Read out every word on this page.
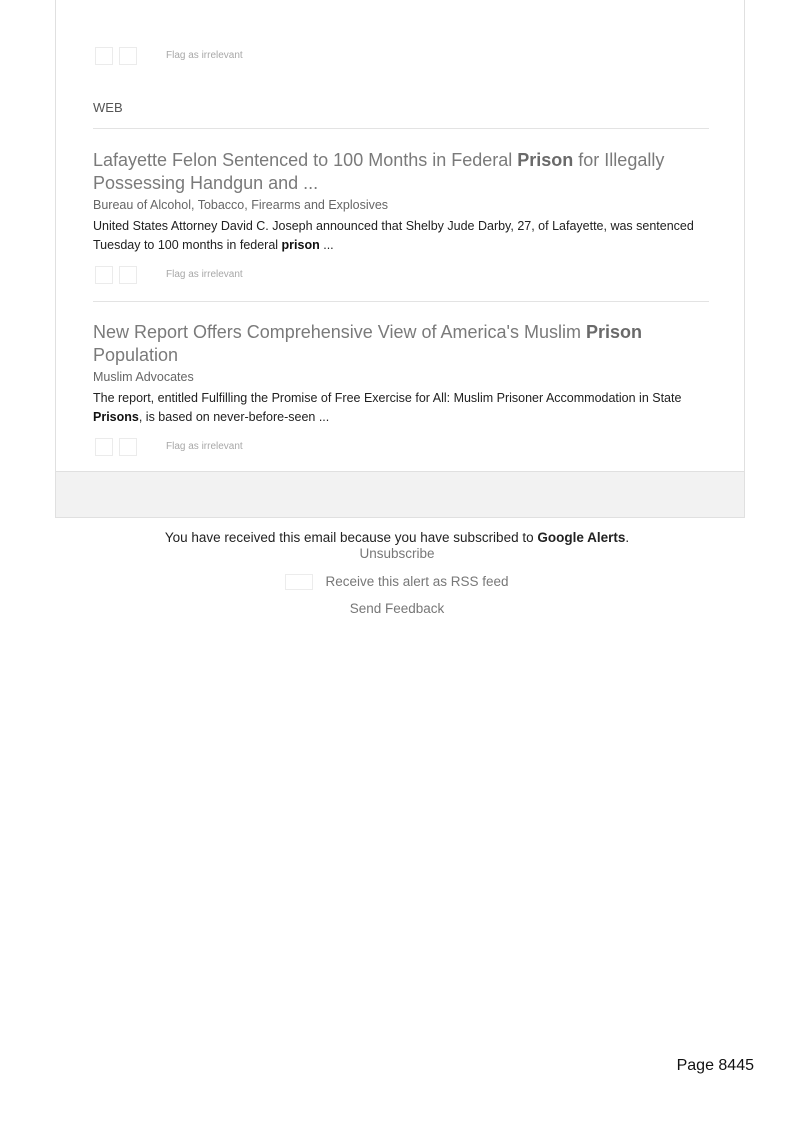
Flag as irrelevant
WEB

Lafayette Felon Sentenced to 100 Months in Federal Prison for Illegally Possessing Handgun and ...

Bureau of Alcohol, Tobacco, Firearms and Explosives
United States Attorney David C. Joseph announced that Shelby Jude Darby, 27, of Lafayette, was sentenced Tuesday to 100 months in federal prison ...
Flag as irrelevant

New Report Offers Comprehensive View of America's Muslim Prison Population

Muslim Advocates
The report, entitled Fulfilling the Promise of Free Exercise for All: Muslim Prisoner Accommodation in State Prisons, is based on never-before-seen ...
Flag as irrelevant
You have received this email because you have subscribed to Google Alerts.
Unsubscribe
Receive this alert as RSS feed
Send Feedback
Page 8445
